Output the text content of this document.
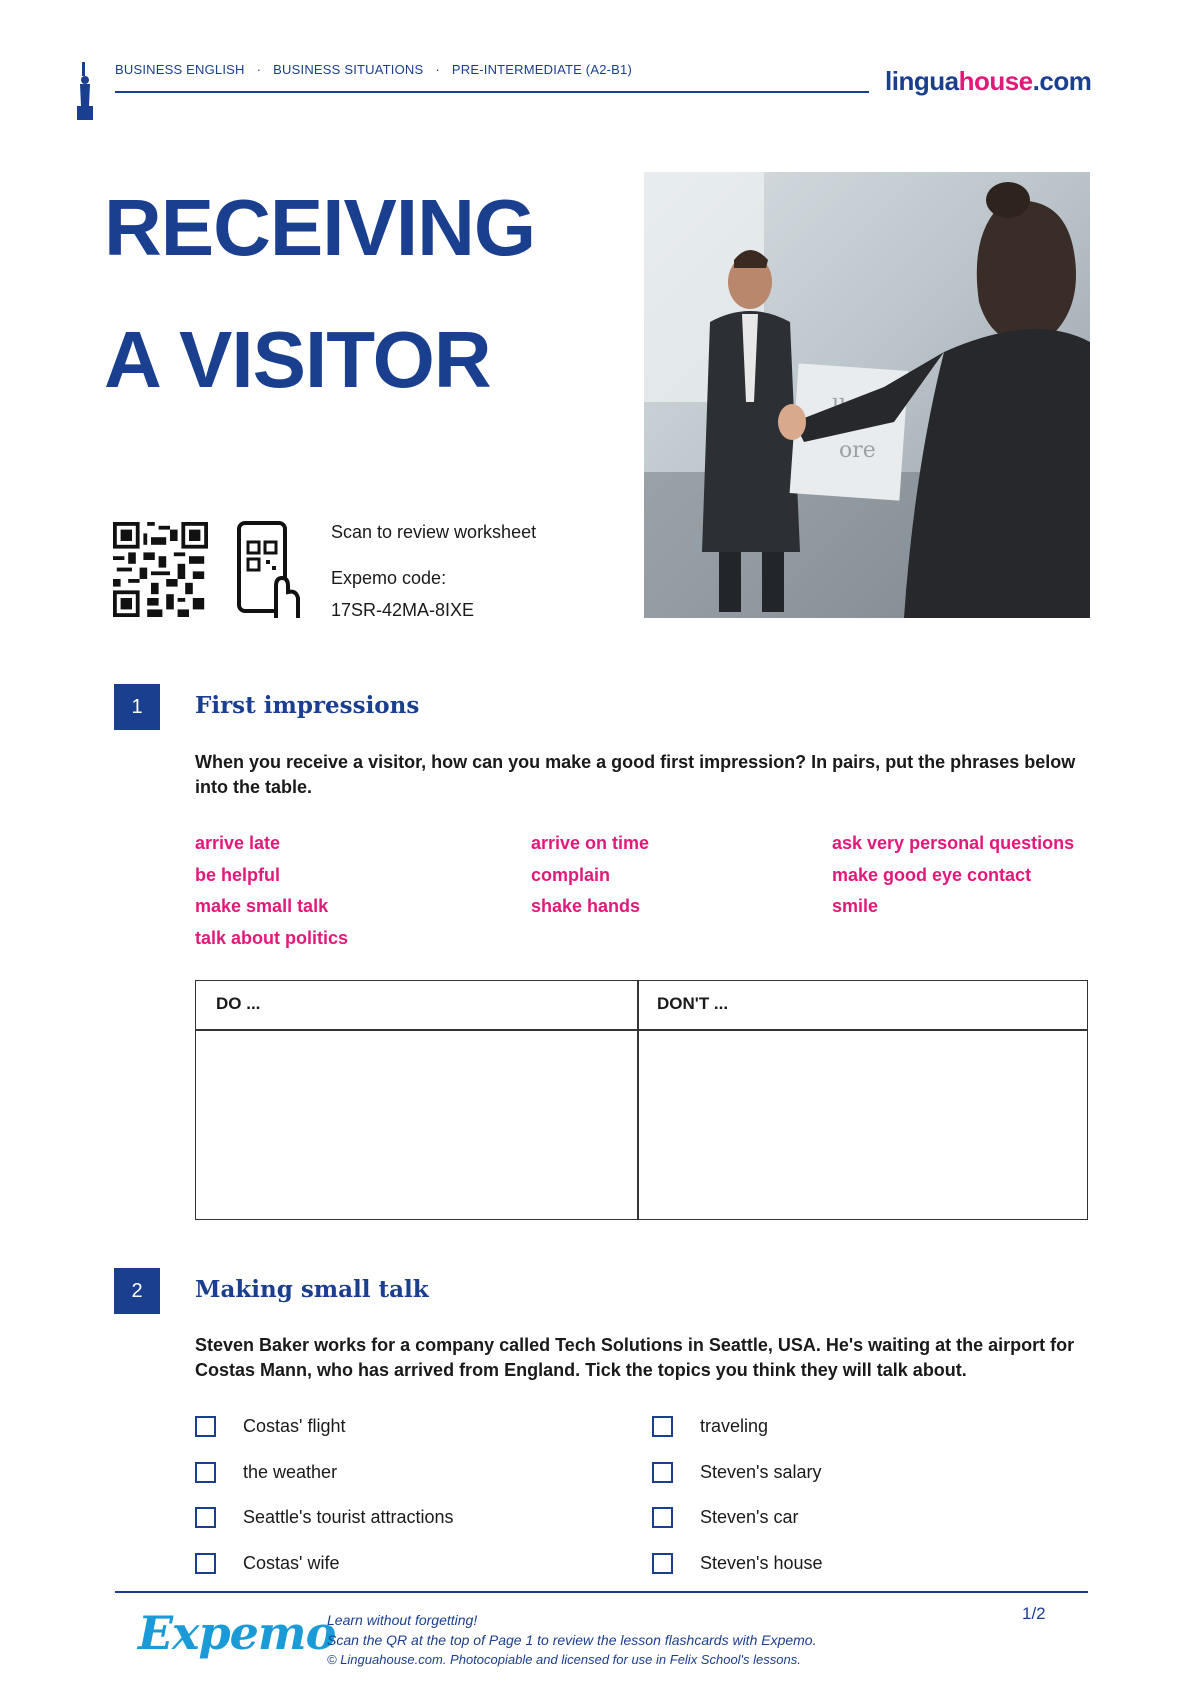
BUSINESS ENGLISH · BUSINESS SITUATIONS · PRE-INTERMEDIATE (A2-B1)	linguahouse.com
RECEIVING
A VISITOR
ore
Scan to review worksheet
Expemo code:
17SR-42MA-8IXE
1	First impressions
When you receive a visitor, how can you make a good first impression? In pairs, put the phrases below into the table.
arrive late	arrive on time	ask very personal questions
be helpful	complain	make good eye contact
make small talk	shake hands	smile
talk about politics
DO ...	DON'T ...
2	Making small talk
Steven Baker works for a company called Tech Solutions in Seattle, USA. He's waiting at the airport for Costas Mann, who has arrived from England. Tick the topics you think they will talk about.
Costas' flight
the weather
Seattle's tourist attractions
Costas' wife
traveling
Steven's salary
Steven's car
Steven's house
Expemo
Learn without forgetting!
Scan the QR at the top of Page 1 to review the lesson flashcards with Expemo.
© Linguahouse.com. Photocopiable and licensed for use in Felix School's lessons.
1/2
